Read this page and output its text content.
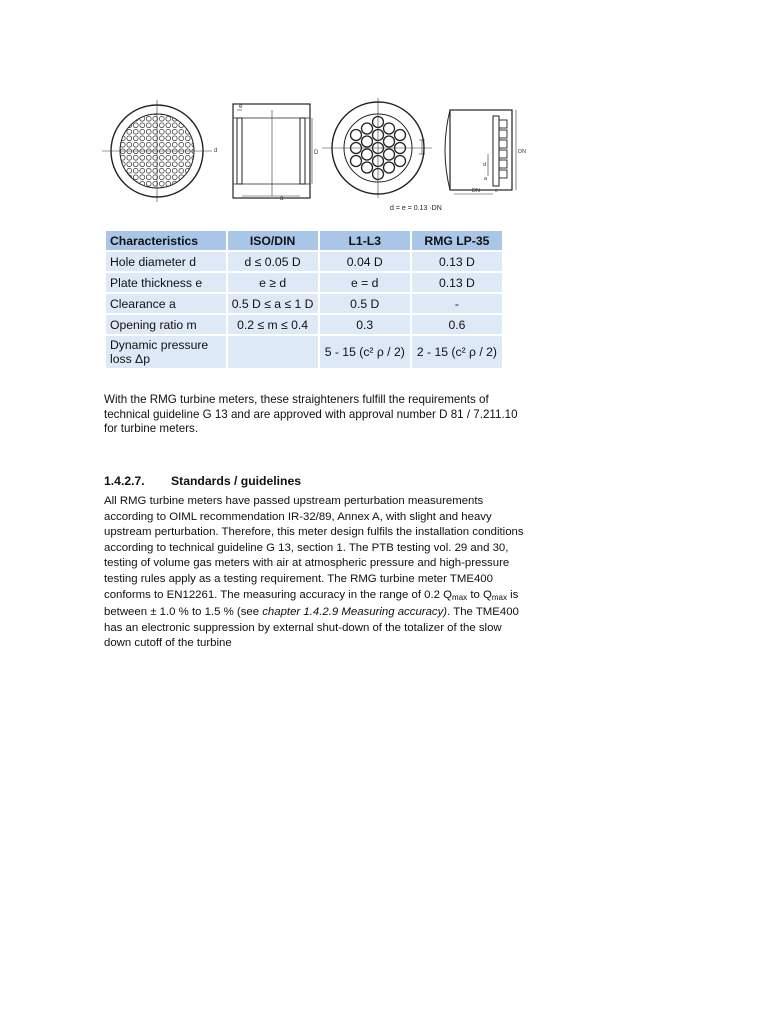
d
e
D
a
DN
DN	e
d
a
d = e = 0.13 ·DN
Characteristics	ISO/DIN	L1-L3	RMG LP-35
Hole diameter d	d ≤ 0.05 D	0.04 D	0.13 D
Plate thickness e	e ≥ d	e = d	0.13 D
Clearance a	0.5 D ≤ a ≤ 1 D	0.5 D	-
Opening ratio m	0.2 ≤ m ≤ 0.4	0.3	0.6
Dynamic pressure loss Δp		5 - 15 (c² ρ / 2)	2 - 15 (c² ρ / 2)

With the RMG turbine meters, these straighteners fulfill the requirements of technical guideline G 13 and are approved with approval number D 81 / 7.211.10 for turbine meters.

1.4.2.7. Standards / guidelines

All RMG turbine meters have passed upstream perturbation measurements according to OIML recommendation IR-32/89, Annex A, with slight and heavy upstream perturbation. Therefore, this meter design fulfils the installation conditions according to technical guideline G 13, section 1. The PTB testing vol. 29 and 30, testing of volume gas meters with air at atmospheric pressure and high-pressure testing rules apply as a testing requirement. The RMG turbine meter TME400 conforms to EN12261. The measuring accuracy in the range of 0.2 $Q_{max}$ to $Q_{max}$ is between ± 1.0 % to 1.5 % (see chapter 1.4.2.9 Measuring accuracy). The TME400 has an electronic suppression by external shut-down of the totalizer of the slow down cutoff of the turbine
